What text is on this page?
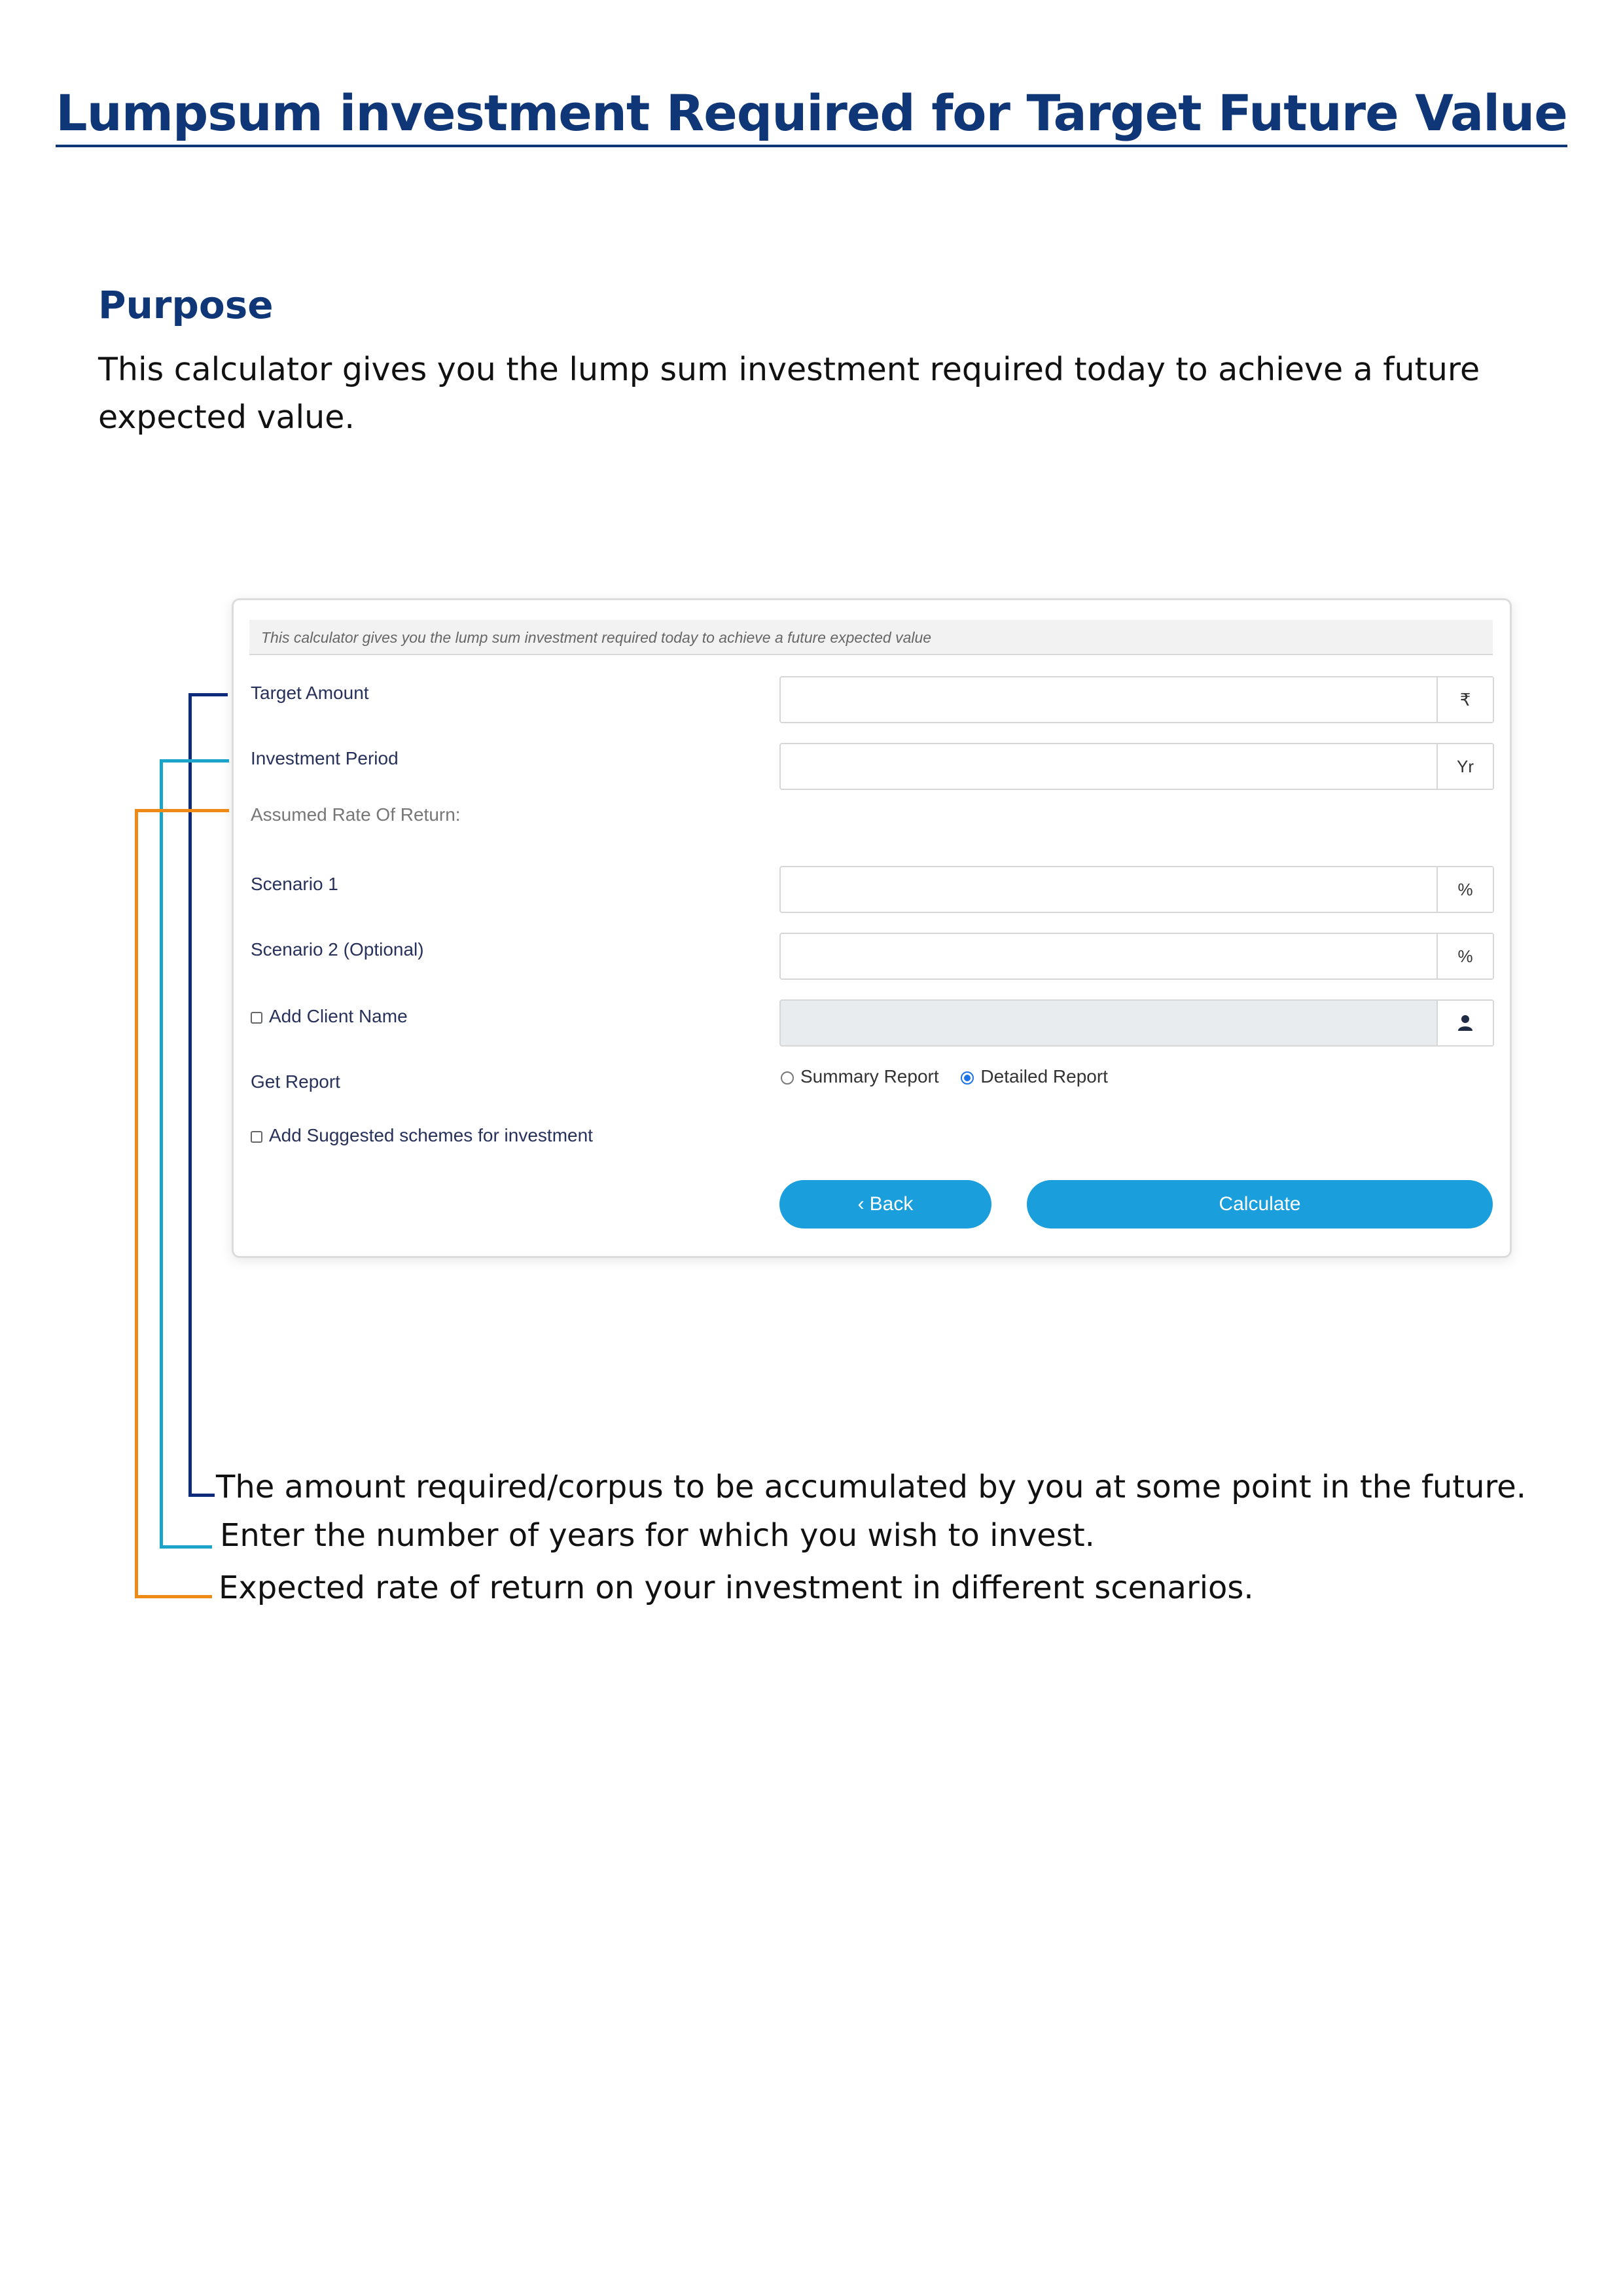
Lumpsum investment Required for Target Future Value
Purpose
This calculator gives you the lump sum investment required today to achieve a future expected value.
This calculator gives you the lump sum investment required today to achieve a future expected value
Target Amount	₹
Investment Period	Yr
Assumed Rate Of Return:
Scenario 1	%
Scenario 2 (Optional)	%
Add Client Name
Get Report	Summary Report Detailed Report
Add Suggested schemes for investment
‹ Back	Calculate
The amount required/corpus to be accumulated by you at some point in the future.
Enter the number of years for which you wish to invest.
Expected rate of return on your investment in different scenarios.
